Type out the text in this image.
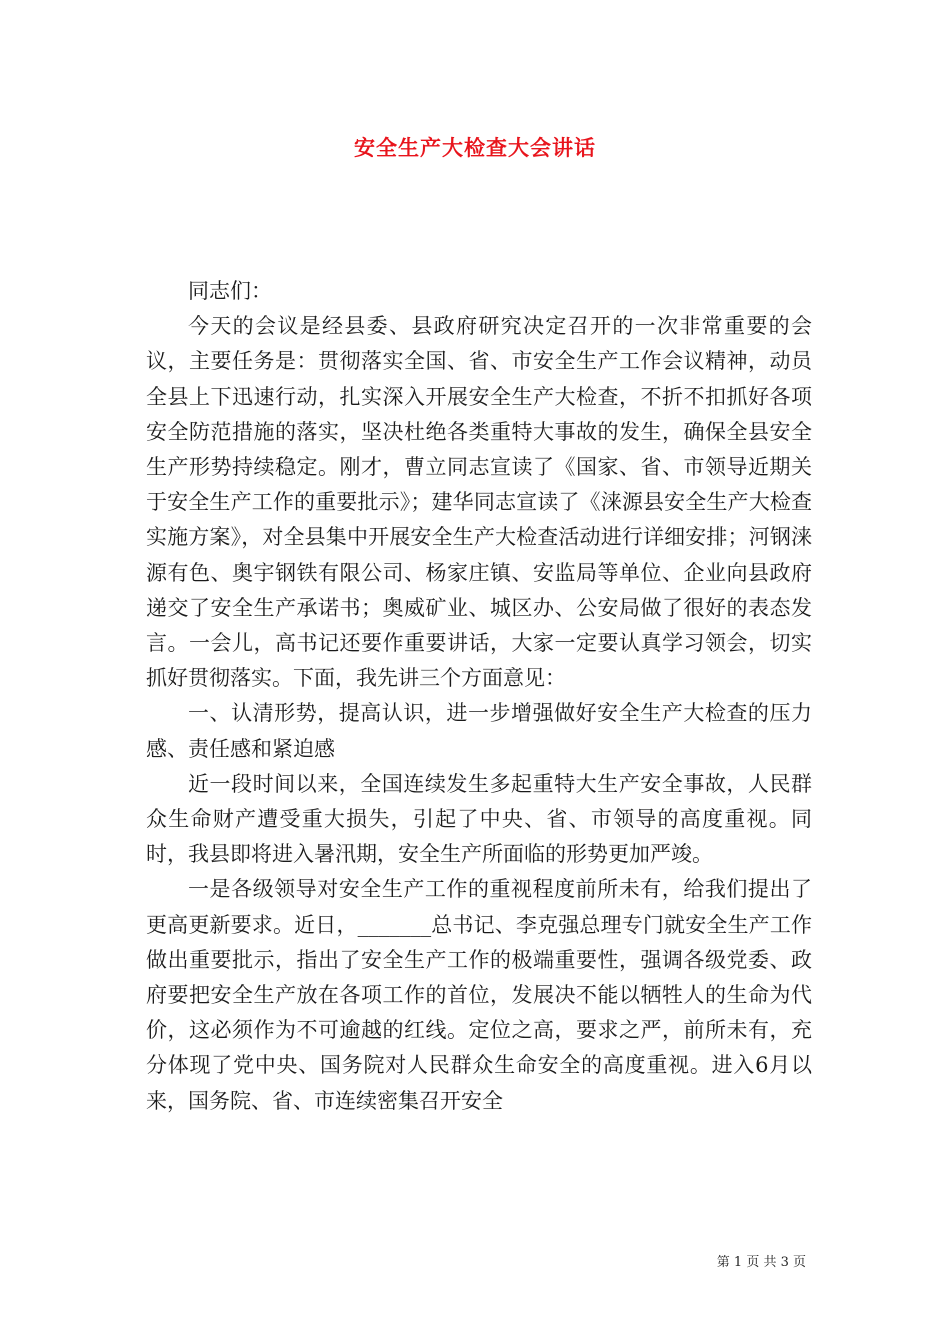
安全生产大检查大会讲话

同志们：

今天的会议是经县委、县政府研究决定召开的一次非常重要的会议，主要任务是：贯彻落实全国、省、市安全生产工作会议精神，动员全县上下迅速行动，扎实深入开展安全生产大检查，不折不扣抓好各项安全防范措施的落实，坚决杜绝各类重特大事故的发生，确保全县安全生产形势持续稳定。刚才，曹立同志宣读了《国家、省、市领导近期关于安全生产工作的重要批示》；建华同志宣读了《涞源县安全生产大检查实施方案》，对全县集中开展安全生产大检查活动进行详细安排；河钢涞源有色、奥宇钢铁有限公司、杨家庄镇、安监局等单位、企业向县政府递交了安全生产承诺书；奥威矿业、城区办、公安局做了很好的表态发言。一会儿，高书记还要作重要讲话，大家一定要认真学习领会，切实抓好贯彻落实。下面，我先讲三个方面意见：

一、认清形势，提高认识，进一步增强做好安全生产大检查的压力感、责任感和紧迫感

近一段时间以来，全国连续发生多起重特大生产安全事故，人民群众生命财产遭受重大损失，引起了中央、省、市领导的高度重视。同时，我县即将进入暑汛期，安全生产所面临的形势更加严竣。

一是各级领导对安全生产工作的重视程度前所未有，给我们提出了更高更新要求。近日，_______总书记、李克强总理专门就安全生产工作做出重要批示，指出了安全生产工作的极端重要性，强调各级党委、政府要把安全生产放在各项工作的首位，发展决不能以牺牲人的生命为代价，这必须作为不可逾越的红线。定位之高，要求之严，前所未有，充分体现了党中央、国务院对人民群众生命安全的高度重视。进入6月以来，国务院、省、市连续密集召开安全

第 1 页 共 3 页
